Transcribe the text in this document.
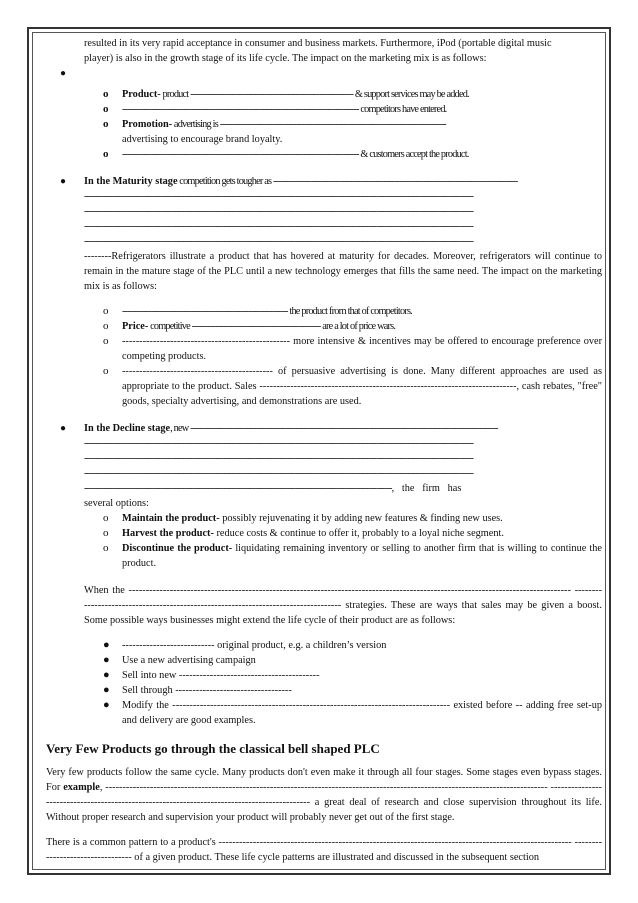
resulted in its very rapid acceptance in consumer and business markets. Furthermore, iPod (portable digital music

player) is also in the growth stage of its life cycle. The impact on the marketing mix is as follows:

●

o Product- product -------------------------------------------------------------- & support services may be added.
o ------------------------------------------------------------------------------------------ competitors have entered.
o Promotion- advertising is --------------------------------------------------------------------------------------
advertising to encourage brand loyalty.
o ------------------------------------------------------------------------------------------ & customers accept the product.
● In the Maturity stage competition gets tougher as ---------------------------------------------------------------------------------------------
----------------------------------------------------------------------------------------------------------------------------------------------------
----------------------------------------------------------------------------------------------------------------------------------------------------
----------------------------------------------------------------------------------------------------------------------------------------------------
----------------------------------------------------------------------------------------------------------------------------------------------------

--------Refrigerators illustrate a product that has hovered at maturity for decades. Moreover, refrigerators will continue to remain in the mature stage of the PLC until a new technology emerges that fills the same need. The impact on the marketing mix is as follows:

o --------------------------------------------------------------- the product from that of competitors.
o Price- competitive ------------------------------------------------- are a lot of price wars.
o ------------------------------------------------- more intensive & incentives may be offered to encourage preference over competing products.

o -------------------------------------------- of persuasive advertising is done. Many different approaches are used as appropriate to the product. Sales ---------------------------------------------------------------------------, cash rebates, "free" goods, specialty advertising, and demonstrations are used.

● In the Decline stage, new ---------------------------------------------------------------------------------------------------------------------
----------------------------------------------------------------------------------------------------------------------------------------------------
----------------------------------------------------------------------------------------------------------------------------------------------------
----------------------------------------------------------------------------------------------------------------------------------------------------
---------------------------------------------------------------------------------------------------------------------,   the   firm   has

several options:

o Maintain the product- possibly rejuvenating it by adding new features & finding new uses.
o Harvest the product- reduce costs & continue to offer it, probably to a loyal niche segment.
o Discontinue the product- liquidating remaining inventory or selling to another firm that is willing to continue the product.

When the --------------------------------------------------------------------------------------------------------------------------------- ----------------------------------------------------------------------------------- strategies. These are ways that sales may be given a boost. Some possible ways businesses might extend the life cycle of their product are as follows:

● --------------------------- original product, e.g. a children’s version
● Use a new advertising campaign
● Sell into new -----------------------------------------
● Sell through ----------------------------------
● Modify the --------------------------------------------------------------------------------- existed before -- adding free set-up and delivery are good examples.

Very Few Products go through the classical bell shaped PLC

Very few products follow the same cycle. Many products don't even make it through all four stages. Some stages even bypass stages. For example, --------------------------------------------------------------------------------------------------------------------------------- -------------------------------------------------------------------------------------------- a great deal of research and close supervision throughout its life. Without proper research and supervision your product will probably never get out of the first stage.

There is a common pattern to a product's ------------------------------------------------------------------------------------------------------- --------------------------------- of a given product. These life cycle patterns are illustrated and discussed in the subsequent section
